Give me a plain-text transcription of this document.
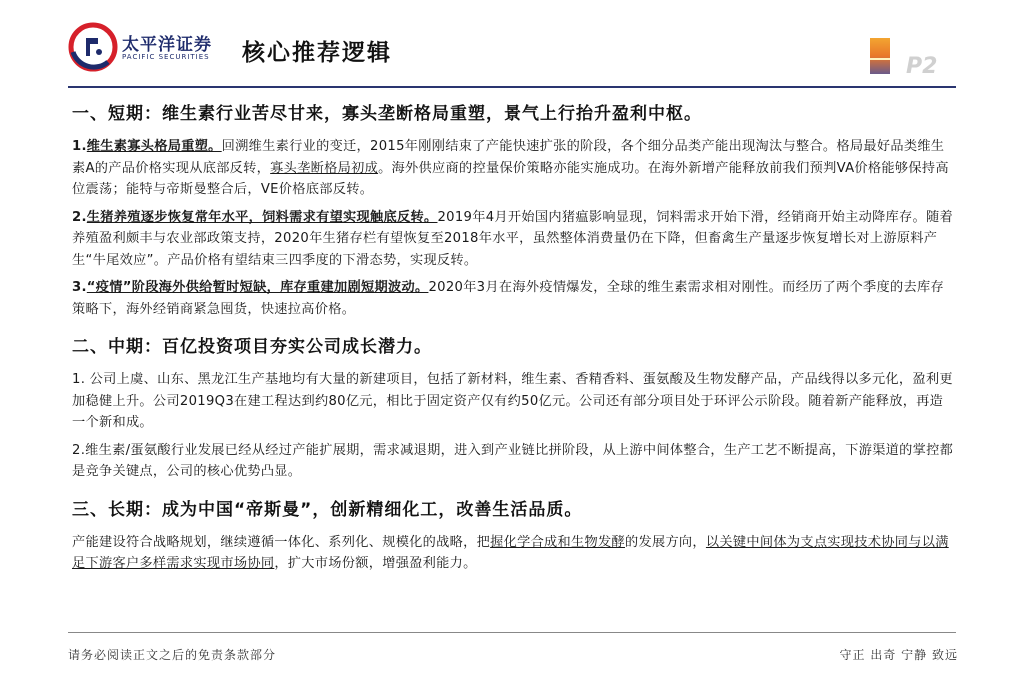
太平洋证券
PACIFIC SECURITIES 核心推荐逻辑
P2
一、短期：维生素行业苦尽甘来，寡头垄断格局重塑，景气上行抬升盈利中枢。

1.维生素寡头格局重塑。回溯维生素行业的变迁，2015年刚刚结束了产能快速扩张的阶段，各个细分品类产能出现淘汰与整合。格局最好品类维生素A的产品价格实现从底部反转，寡头垄断格局初成。海外供应商的控量保价策略亦能实施成功。在海外新增产能释放前我们预判VA价格能够保持高位震荡；能特与帝斯曼整合后，VE价格底部反转。

2.生猪养殖逐步恢复常年水平，饲料需求有望实现触底反转。2019年4月开始国内猪瘟影响显现，饲料需求开始下滑，经销商开始主动降库存。随着养殖盈利颇丰与农业部政策支持，2020年生猪存栏有望恢复至2018年水平，虽然整体消费量仍在下降，但畜禽生产量逐步恢复增长对上游原料产生“牛尾效应”。产品价格有望结束三四季度的下滑态势，实现反转。

3.“疫情”阶段海外供给暂时短缺，库存重建加剧短期波动。2020年3月在海外疫情爆发，全球的维生素需求相对刚性。而经历了两个季度的去库存策略下，海外经销商紧急囤货，快速拉高价格。

二、中期：百亿投资项目夯实公司成长潜力。

1. 公司上虞、山东、黑龙江生产基地均有大量的新建项目，包括了新材料，维生素、香精香料、蛋氨酸及生物发酵产品，产品线得以多元化，盈利更加稳健上升。公司2019Q3在建工程达到约80亿元，相比于固定资产仅有约50亿元。公司还有部分项目处于环评公示阶段。随着新产能释放，再造一个新和成。

2.维生素/蛋氨酸行业发展已经从经过产能扩展期，需求减退期，进入到产业链比拼阶段，从上游中间体整合，生产工艺不断提高，下游渠道的掌控都是竞争关键点，公司的核心优势凸显。

三、长期：成为中国“帝斯曼”，创新精细化工，改善生活品质。

产能建设符合战略规划，继续遵循一体化、系列化、规模化的战略，把握化学合成和生物发酵的发展方向，以关键中间体为支点实现技术协同与以满足下游客户多样需求实现市场协同，扩大市场份额，增强盈利能力。

请务必阅读正文之后的免责条款部分	守正 出奇 宁静 致远
